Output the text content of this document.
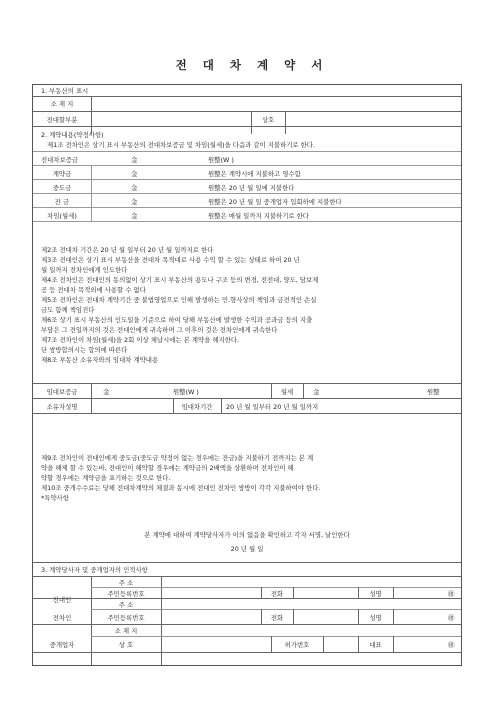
전 대 차 계 약 서
1. 부동산의 표시
소 재 지
전대할부분	상호
2. 계약내용(약정사항)
제1조 전차인은 상기 표시 부동산의 전대차보증금 및 차임(월세)을 다음과 같이 지불하기로 한다.
전대차보증금	金	원整(W )
계약금	金	원整은 계약시에 지불하고 영수함
중도금	金	원整은 20 년 월 일에 지불한다
잔 금	金	원整은 20 년 월 일 중개업자 입회하에 지불한다
차임(월세)	金	원整은 매월 일까지 지불하기로 한다
제2조 전대차 기간은 20 년 월 일부터 20 년 월 일까지로 한다
제3조 전대인은 상기 표시 부동산을 전대차 목적대로 사용 수익 할 수 있는 상태로 하여 20 년
월 일까지 전차인에게 인도한다
제4조 전차인은 전대인의 동의없이 상기 표시 부동산의 용도나 구조 등의 변경, 전전대, 양도, 담보제
공 등 전대차 목적외에 사용할 수 없다
제5조 전차인은 전대차 계약기간 중 불법영업으로 인해 발생하는 민.형사상의 책임과 금전적인 손실
금도 함께 책임진다
제6조 상기 표시 부동산의 인도일을 기준으로 하여 당해 부동산에 발생한 수익과 공과금 등의 지출
부담은 그 전일까지의 것은 전대인에게 귀속하며 그 이후의 것은 전차인에게 귀속한다
제7조 전차인이 차임(월세)을 2회 이상 체납시에는 본 계약을 해지한다.
단 쌍방합의시는 합의에 따른다
제8조 부동산 소유자와의 임대차 계약내용
임대보증금	金	원整(W )	월세	金	원整
소유자성명	임대차기간	20 년 월 일부터 20 년 월 일까지
제9조 전차인이 전대인에게 중도금(중도금 약정이 없는 경우에는 잔금)을 지불하기 전까지는 본 계
약을 해제 할 수 있는바, 전대인이 해약할 경우에는 계약금의 2배액을 상환하며 전차인이 해
약할 경우에는 계약금을 포기하는 것으로 한다.
제10조 중개수수료는 당해 전대차계약의 체결과 동시에 전대인 전차인 쌍방이 각각 지불하여야 한다.
*특약사항
본 계약에 대하여 계약당사자가 이의 없음을 확인하고 각자 서명, 날인한다
20 년 월 일
3. 계약당사자 및 중개업자의 인적사항
전대인
주 소
주민등록번호	전화	성명	㊞
전차인
주 소
주민등록번호	전화	성명	㊞
중개업자
소 재 지
상 호	허가번호	대표	㊞
